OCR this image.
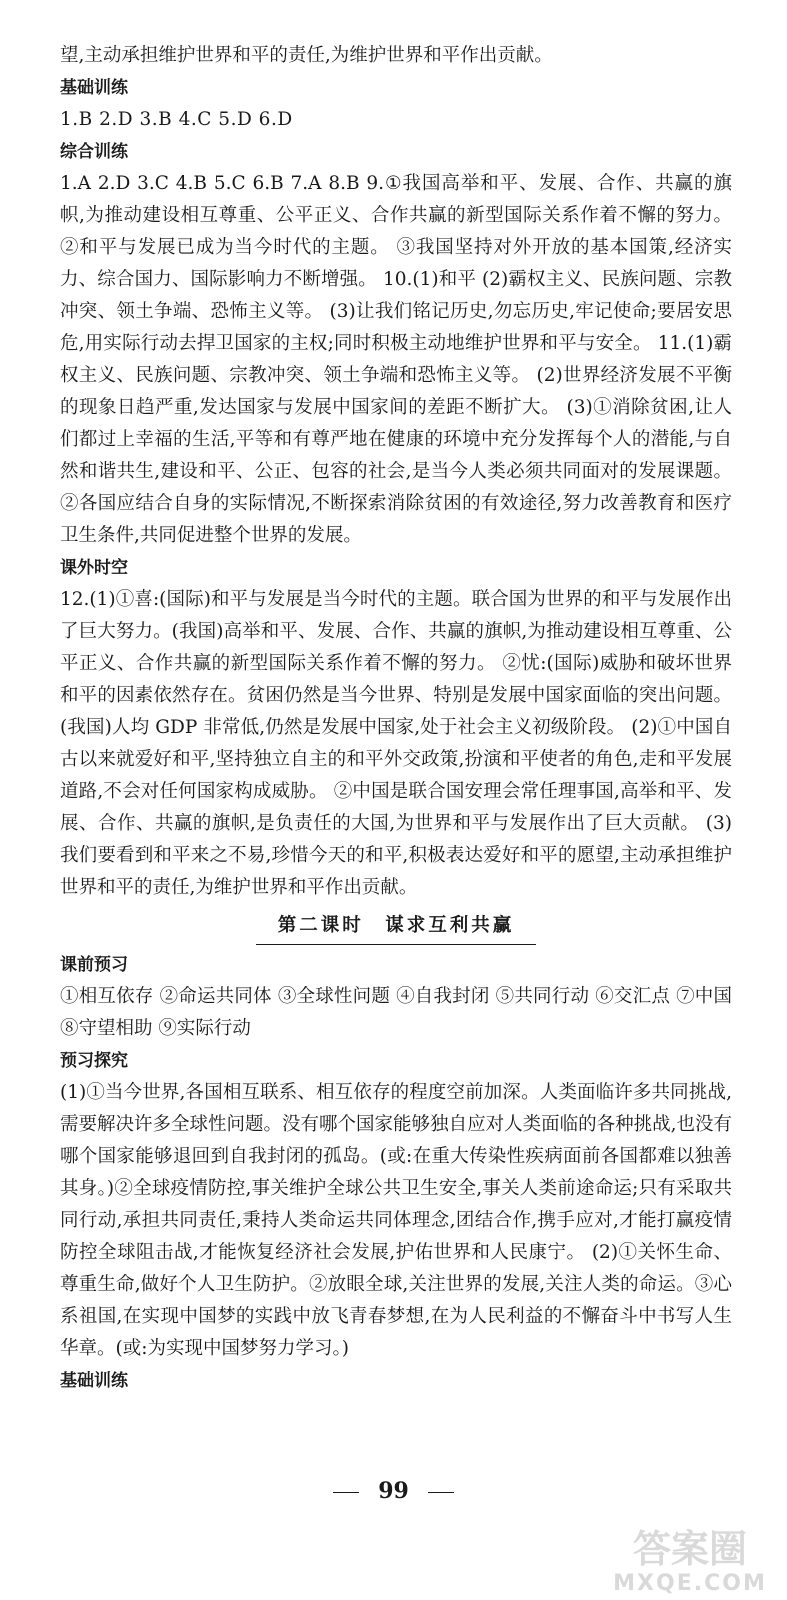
望,主动承担维护世界和平的责任,为维护世界和平作出贡献。

基础训练

1.B 2.D 3.B 4.C 5.D 6.D

综合训练

1.A 2.D 3.C 4.B 5.C 6.B 7.A 8.B 9.①我国高举和平、发展、合作、共赢的旗帜,为推动建设相互尊重、公平正义、合作共赢的新型国际关系作着不懈的努力。 ②和平与发展已成为当今时代的主题。 ③我国坚持对外开放的基本国策,经济实力、综合国力、国际影响力不断增强。 10.(1)和平 (2)霸权主义、民族问题、宗教冲突、领土争端、恐怖主义等。 (3)让我们铭记历史,勿忘历史,牢记使命;要居安思危,用实际行动去捍卫国家的主权;同时积极主动地维护世界和平与安全。 11.(1)霸权主义、民族问题、宗教冲突、领土争端和恐怖主义等。 (2)世界经济发展不平衡的现象日趋严重,发达国家与发展中国家间的差距不断扩大。 (3)①消除贫困,让人们都过上幸福的生活,平等和有尊严地在健康的环境中充分发挥每个人的潜能,与自然和谐共生,建设和平、公正、包容的社会,是当今人类必须共同面对的发展课题。 ②各国应结合自身的实际情况,不断探索消除贫困的有效途径,努力改善教育和医疗卫生条件,共同促进整个世界的发展。

课外时空

12.(1)①喜:(国际)和平与发展是当今时代的主题。联合国为世界的和平与发展作出了巨大努力。(我国)高举和平、发展、合作、共赢的旗帜,为推动建设相互尊重、公平正义、合作共赢的新型国际关系作着不懈的努力。 ②忧:(国际)威胁和破坏世界和平的因素依然存在。贫困仍然是当今世界、特别是发展中国家面临的突出问题。(我国)人均 GDP 非常低,仍然是发展中国家,处于社会主义初级阶段。 (2)①中国自古以来就爱好和平,坚持独立自主的和平外交政策,扮演和平使者的角色,走和平发展道路,不会对任何国家构成威胁。 ②中国是联合国安理会常任理事国,高举和平、发展、合作、共赢的旗帜,是负责任的大国,为世界和平与发展作出了巨大贡献。 (3)我们要看到和平来之不易,珍惜今天的和平,积极表达爱好和平的愿望,主动承担维护世界和平的责任,为维护世界和平作出贡献。

第二课时 谋求互利共赢

课前预习

①相互依存 ②命运共同体 ③全球性问题 ④自我封闭 ⑤共同行动 ⑥交汇点 ⑦中国 ⑧守望相助 ⑨实际行动

预习探究

(1)①当今世界,各国相互联系、相互依存的程度空前加深。人类面临许多共同挑战,需要解决许多全球性问题。没有哪个国家能够独自应对人类面临的各种挑战,也没有哪个国家能够退回到自我封闭的孤岛。(或:在重大传染性疾病面前各国都难以独善其身。)②全球疫情防控,事关维护全球公共卫生安全,事关人类前途命运;只有采取共同行动,承担共同责任,秉持人类命运共同体理念,团结合作,携手应对,才能打赢疫情防控全球阻击战,才能恢复经济社会发展,护佑世界和人民康宁。 (2)①关怀生命、尊重生命,做好个人卫生防护。②放眼全球,关注世界的发展,关注人类的命运。③心系祖国,在实现中国梦的实践中放飞青春梦想,在为人民利益的不懈奋斗中书写人生华章。(或:为实现中国梦努力学习。)

基础训练

99
答案圈
MXQE.COM
